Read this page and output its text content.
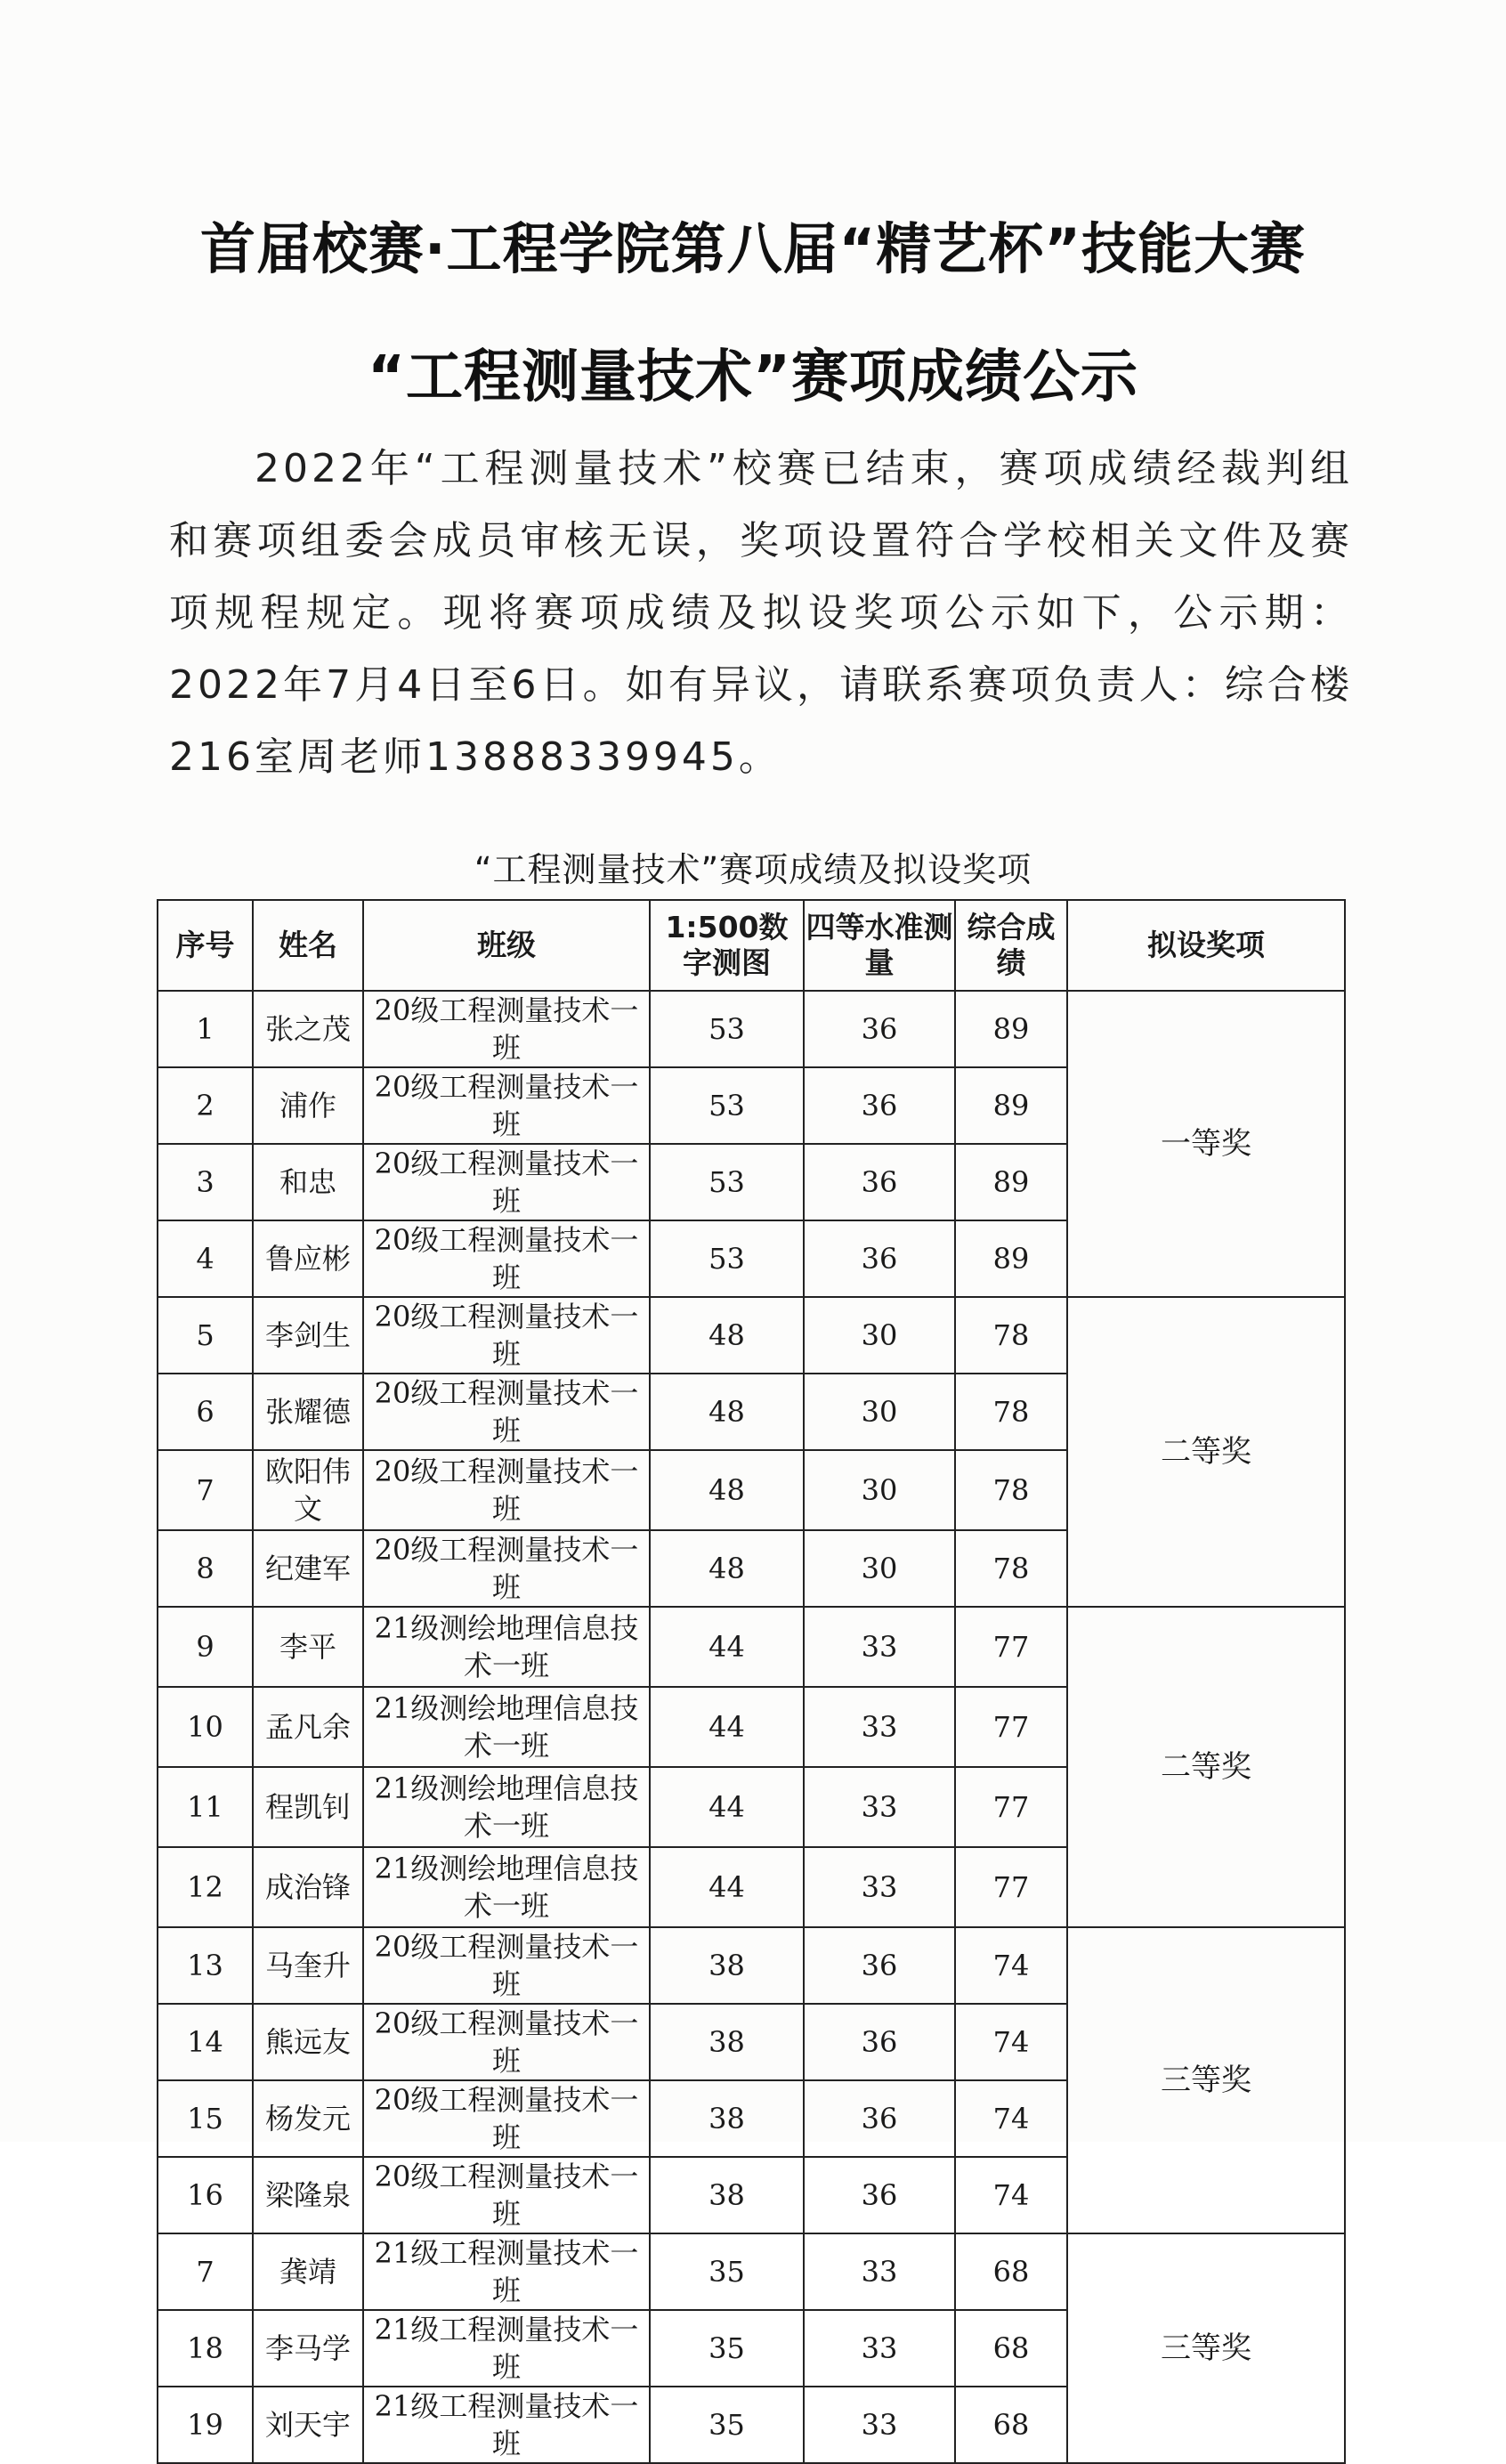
首届校赛·工程学院第八届“精艺杯”技能大赛
“工程测量技术”赛项成绩公示
2022年“工程测量技术”校赛已结束，赛项成绩经裁判组和赛项组委会成员审核无误，奖项设置符合学校相关文件及赛项规程规定。现将赛项成绩及拟设奖项公示如下，公示期：2022年7月4日至6日。如有异议，请联系赛项负责人：综合楼216室周老师13888339945。
“工程测量技术”赛项成绩及拟设奖项
序号	姓名	班级	1:500数字测图	四等水准测量	综合成绩	拟设奖项
1	张之茂	20级工程测量技术一班	53	36	89	一等奖
2	浦作	20级工程测量技术一班	53	36	89	
3	和忠	20级工程测量技术一班	53	36	89	
4	鲁应彬	20级工程测量技术一班	53	36	89	
5	李剑生	20级工程测量技术一班	48	30	78	二等奖
6	张耀德	20级工程测量技术一班	48	30	78	
7	欧阳伟文	20级工程测量技术一班	48	30	78	
8	纪建军	20级工程测量技术一班	48	30	78	
9	李平	21级测绘地理信息技术一班	44	33	77	二等奖
10	孟凡余	21级测绘地理信息技术一班	44	33	77	
11	程凯钊	21级测绘地理信息技术一班	44	33	77	
12	成治锋	21级测绘地理信息技术一班	44	33	77	
13	马奎升	20级工程测量技术一班	38	36	74	三等奖
14	熊远友	20级工程测量技术一班	38	36	74	
15	杨发元	20级工程测量技术一班	38	36	74	
16	梁隆泉	20级工程测量技术一班	38	36	74	
7	龚靖	21级工程测量技术一班	35	33	68	三等奖
18	李马学	21级工程测量技术一班	35	33	68	
19	刘天宇	21级工程测量技术一班	35	33	68	
